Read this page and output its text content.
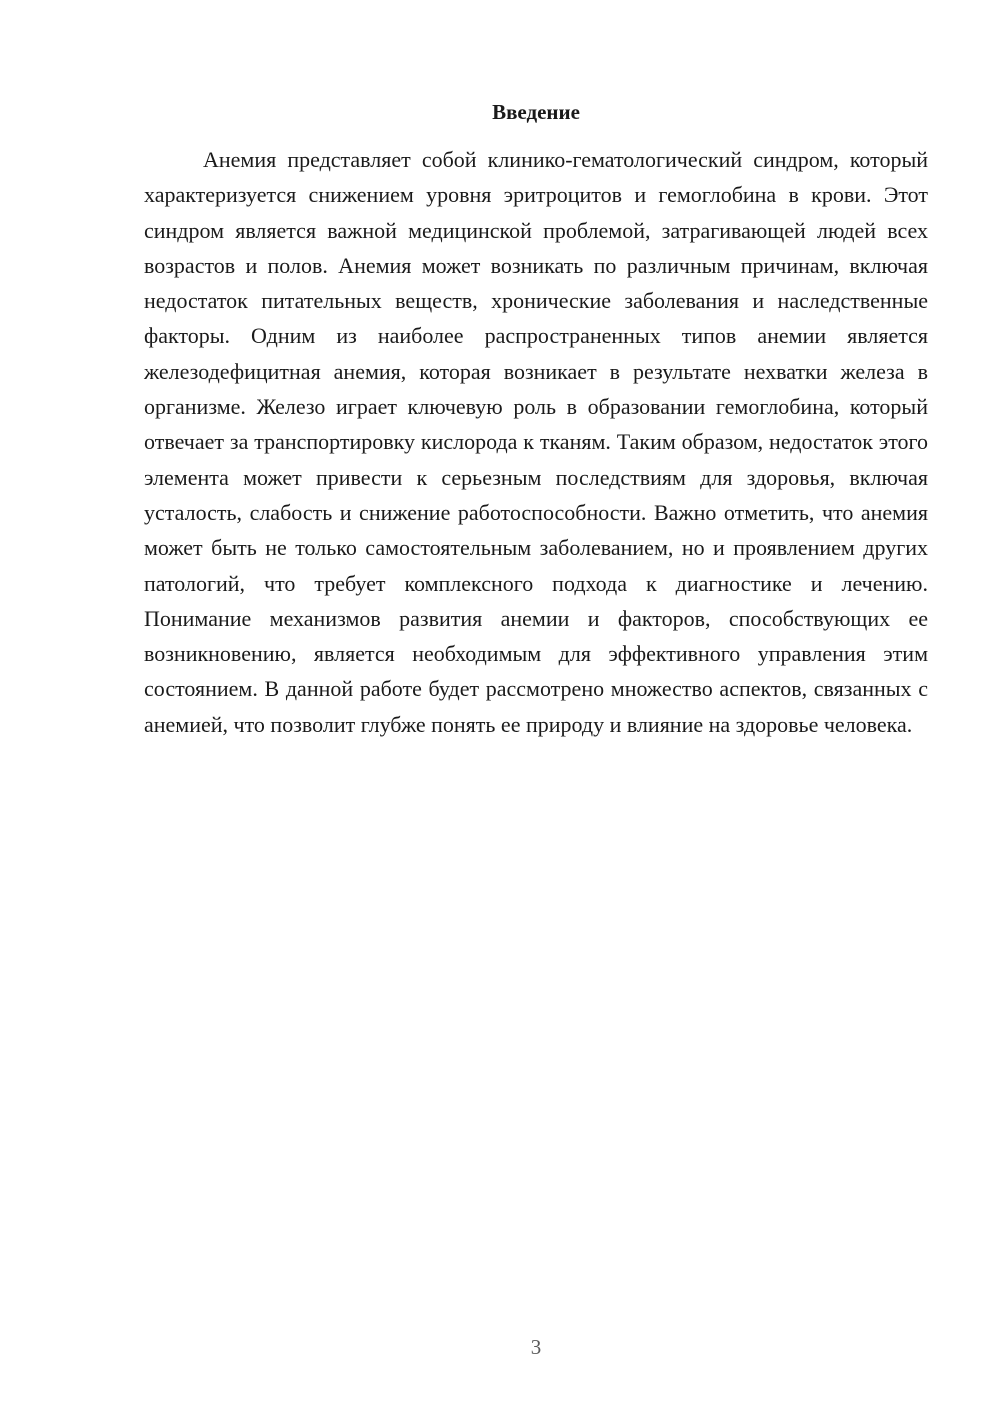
Введение

Анемия представляет собой клинико-гематологический синдром, который характеризуется снижением уровня эритроцитов и гемоглобина в крови. Этот синдром является важной медицинской проблемой, затрагивающей людей всех возрастов и полов. Анемия может возникать по различным причинам, включая недостаток питательных веществ, хронические заболевания и наследственные факторы. Одним из наиболее распространенных типов анемии является железодефицитная анемия, которая возникает в результате нехватки железа в организме. Железо играет ключевую роль в образовании гемоглобина, который отвечает за транспортировку кислорода к тканям. Таким образом, недостаток этого элемента может привести к серьезным последствиям для здоровья, включая усталость, слабость и снижение работоспособности. Важно отметить, что анемия может быть не только самостоятельным заболеванием, но и проявлением других патологий, что требует комплексного подхода к диагностике и лечению. Понимание механизмов развития анемии и факторов, способствующих ее возникновению, является необходимым для эффективного управления этим состоянием. В данной работе будет рассмотрено множество аспектов, связанных с анемией, что позволит глубже понять ее природу и влияние на здоровье человека.

3
